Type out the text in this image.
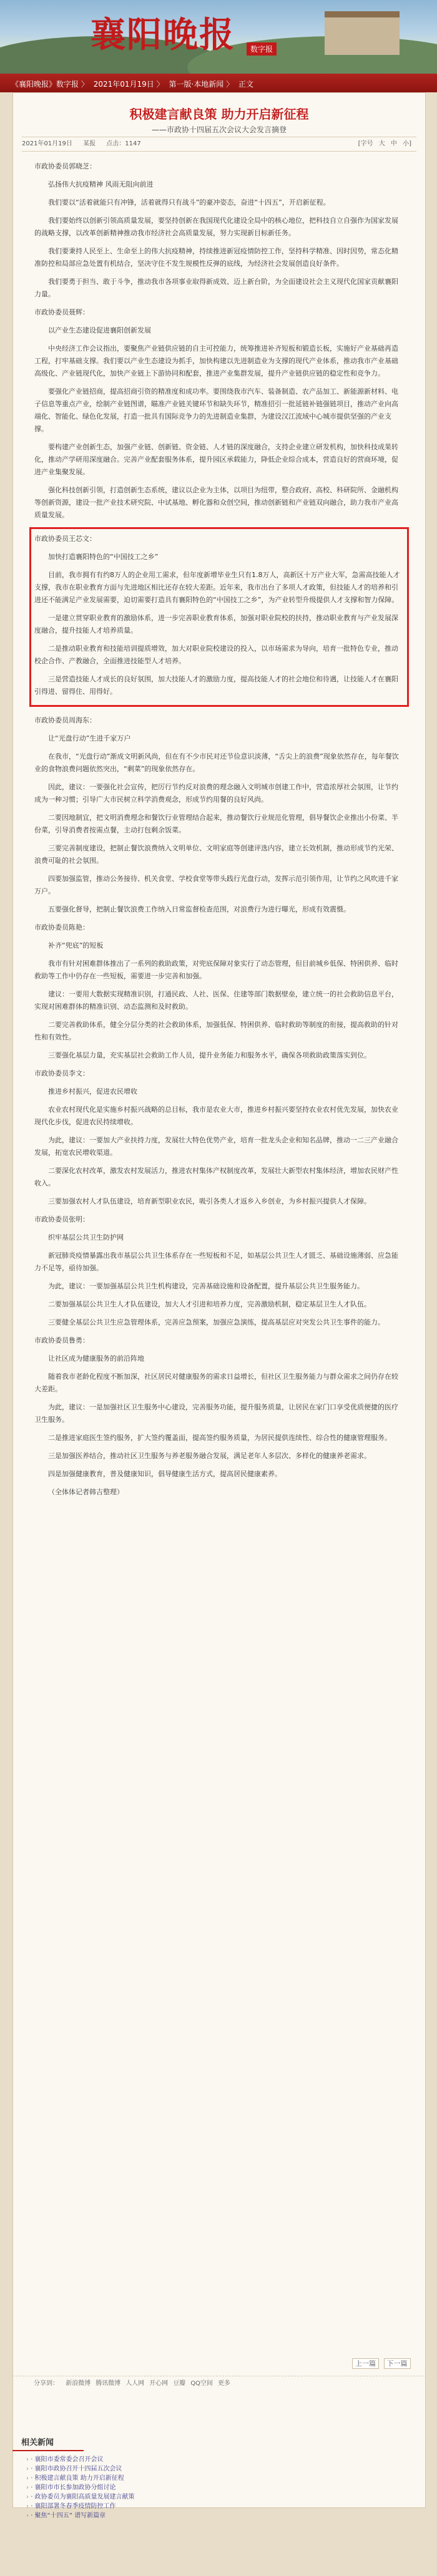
襄阳晚报	数字报
《襄阳晚报》数字报 〉 2021年01月19日 〉 第一版·本地新闻 〉 正文
积极建言献良策 助力开启新征程
——市政协十四届五次会议大会发言摘登
2021年01月19日 某报 点击：1147	[字号 大 中 小]

市政协委员郭晓芝：

弘扬伟大抗疫精神 风雨无阻向前进

我们要以“活着就能只有冲锋，活着就得只有战斗”的豪冲姿态，奋进“十四五”，开启新征程。

我们要始终以创新引领高质量发展，要坚持创新在我国现代化建设全局中的核心地位，把科技自立自强作为国家发展的战略支撑，以改革创新精神推动我市经济社会高质量发展，努力实现新目标新任务。

我们要秉持人民至上、生命至上的伟大抗疫精神，持续推进新冠疫情防控工作，坚持科学精准、因时因势，常态化精准防控和局部应急处置有机结合，坚决守住不发生规模性反弹的底线，为经济社会发展创造良好条件。

我们要勇于担当、敢于斗争，推动我市各项事业取得新成效、迈上新台阶，为全面建设社会主义现代化国家贡献襄阳力量。

市政协委员聂辉：

以产业生态建设促进襄阳创新发展

中央经济工作会议指出，要聚焦产业链供应链的自主可控能力，统筹推进补齐短板和锻造长板，实施好产业基础再造工程，打牢基础支撑。我们要以产业生态建设为抓手，加快构建以先进制造业为支撑的现代产业体系，推动我市产业基础高级化、产业链现代化，加快产业链上下游协同和配套，推进产业集群发展，提升产业链供应链的稳定性和竞争力。

要强化产业链招商，提高招商引资的精准度和成功率。要围绕我市汽车、装备制造、农产品加工、新能源新材料、电子信息等重点产业，绘制产业链图谱，瞄准产业链关键环节和缺失环节，精准招引一批延链补链强链项目，推动产业向高端化、智能化、绿色化发展，打造一批具有国际竞争力的先进制造业集群，为建设汉江流域中心城市提供坚强的产业支撑。

要构建产业创新生态，加强产业链、创新链、资金链、人才链的深度融合，支持企业建立研发机构，加快科技成果转化，推动产学研用深度融合。完善产业配套服务体系，提升园区承载能力，降低企业综合成本，营造良好的营商环境，促进产业集聚发展。

强化科技创新引领，打造创新生态系统，建议以企业为主体，以项目为纽带，整合政府、高校、科研院所、金融机构等创新资源，建设一批产业技术研究院、中试基地、孵化器和众创空间，推动创新链和产业链双向融合，助力我市产业高质量发展。

市政协委员王芯文：

加快打造襄阳特色的“中国技工之乡”

目前，我市拥有有约8万人的企业用工需求，但年度新增毕业生只有1.8万人，高新区十万产业大军，急需高技能人才支撑，我市在职业教育方面与先进地区相比还存在较大差距。近年来，我市出台了多项人才政策，但技能人才的培养和引进还不能满足产业发展需要，迫切需要打造具有襄阳特色的“中国技工之乡”，为产业转型升级提供人才支撑和智力保障。

一是建立贯穿职业教育的激励体系，进一步完善职业教育体系，加强对职业院校的扶持，推动职业教育与产业发展深度融合，提升技能人才培养质量。

二是推动职业教育和技能培训提质增效，加大对职业院校建设的投入，以市场需求为导向，培育一批特色专业，推动校企合作、产教融合，全面推进技能型人才培养。

三是营造技能人才成长的良好氛围，加大技能人才的激励力度，提高技能人才的社会地位和待遇，让技能人才在襄阳引得进、留得住、用得好。

市政协委员周海东：

让“光盘行动”生进千家万户

在我市，“光盘行动”渐成文明新风尚，但在有不少市民对还节俭意识淡薄，“舌尖上的浪费”现象依然存在，每年餐饮业的食物浪费问题依然突出，“剩菜”的现象依然存在。

因此，建议：一要强化社会宣传，把厉行节约反对浪费的理念融入文明城市创建工作中，营造浓厚社会氛围，让节约成为一种习惯；引导广大市民树立科学消费观念，形成节约用餐的良好风尚。

二要因地制宜，把文明消费理念和餐饮行业管理结合起来，推动餐饮行业规范化管理，倡导餐饮企业推出小份菜、半份菜，引导消费者按需点餐，主动打包剩余饭菜。

三要完善制度建设，把制止餐饮浪费纳入文明单位、文明家庭等创建评选内容，建立长效机制，推动形成节约光荣、浪费可耻的社会氛围。

四要加强监管，推动公务接待、机关食堂、学校食堂等带头践行光盘行动，发挥示范引领作用，让节约之风吹进千家万户。

五要强化督导，把制止餐饮浪费工作纳入日常监督检查范围，对浪费行为进行曝光，形成有效震慑。

市政协委员陈艳：

补齐“兜底”的短板

我市有针对困难群体推出了一系列的救助政策，对兜底保障对象实行了动态管理，但目前城乡低保、特困供养、临时救助等工作中仍存在一些短板，需要进一步完善和加强。

建议：一要用大数据实现精准识别，打通民政、人社、医保、住建等部门数据壁垒，建立统一的社会救助信息平台，实现对困难群体的精准识别、动态监测和及时救助。

二要完善救助体系，健全分层分类的社会救助体系，加强低保、特困供养、临时救助等制度的衔接，提高救助的针对性和有效性。

三要强化基层力量，充实基层社会救助工作人员，提升业务能力和服务水平，确保各项救助政策落实到位。

市政协委员李文：

推进乡村振兴，促进农民增收

农业农村现代化是实施乡村振兴战略的总目标，我市是农业大市，推进乡村振兴要坚持农业农村优先发展，加快农业现代化步伐，促进农民持续增收。

为此，建议：一要加大产业扶持力度，发展壮大特色优势产业，培育一批龙头企业和知名品牌，推动一二三产业融合发展，拓宽农民增收渠道。

二要深化农村改革，激发农村发展活力，推进农村集体产权制度改革，发展壮大新型农村集体经济，增加农民财产性收入。

三要加强农村人才队伍建设，培育新型职业农民，吸引各类人才返乡入乡创业，为乡村振兴提供人才保障。

市政协委员张明：

织牢基层公共卫生防护网

新冠肺炎疫情暴露出我市基层公共卫生体系存在一些短板和不足，如基层公共卫生人才匮乏、基础设施薄弱、应急能力不足等，亟待加强。

为此，建议：一要加强基层公共卫生机构建设，完善基础设施和设备配置，提升基层公共卫生服务能力。

二要加强基层公共卫生人才队伍建设，加大人才引进和培养力度，完善激励机制，稳定基层卫生人才队伍。

三要健全基层公共卫生应急管理体系，完善应急预案，加强应急演练，提高基层应对突发公共卫生事件的能力。

市政协委员鲁勇：

让社区成为健康服务的前沿阵地

随着我市老龄化程度不断加深，社区居民对健康服务的需求日益增长，但社区卫生服务能力与群众需求之间仍存在较大差距。

为此，建议：一是加强社区卫生服务中心建设，完善服务功能，提升服务质量，让居民在家门口享受优质便捷的医疗卫生服务。

二是推进家庭医生签约服务，扩大签约覆盖面，提高签约服务质量，为居民提供连续性、综合性的健康管理服务。

三是加强医养结合，推动社区卫生服务与养老服务融合发展，满足老年人多层次、多样化的健康养老需求。

四是加强健康教育，普及健康知识，倡导健康生活方式，提高居民健康素养。

（全体体记者韩吉整理）

上一篇 下一篇
分享到： 新浪微博 腾讯微博 人人网 开心网 豆瓣 QQ空间 更多
相关新闻
› · 襄阳市委常委会召开会议
› · 襄阳市政协召开十四届五次会议
› · 积极建言献良策 助力开启新征程
› · 襄阳市市长参加政协分组讨论
› · 政协委员为襄阳高质量发展建言献策
› · 襄阳部署冬春季疫情防控工作
› · 聚焦“十四五” 谱写新篇章
